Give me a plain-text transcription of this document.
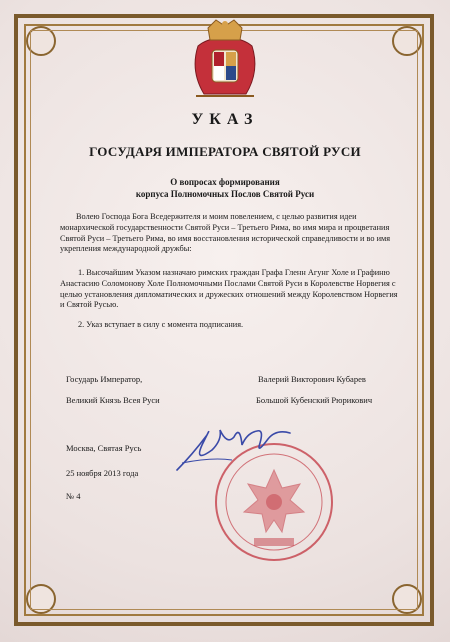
УКАЗ
ГОСУДАРЯ ИМПЕРАТОРА СВЯТОЙ РУСИ
О вопросах формирования
корпуса Полномочных Послов Святой Руси
Волею Господа Бога Вседержителя и моим повелением, с целью развития идеи монархической государственности Святой Руси – Третьего Рима, во имя мира и процветания Святой Руси – Третьего Рима, во имя восстановления исторической справедливости и во имя укрепления международной дружбы:
1. Высочайшим Указом назначаю римских граждан Графа Гленн Агунг Холе и Графиню Анастасию Соломонову Холе Полномочными Послами Святой Руси в Королевстве Норвегия с целью установления дипломатических и дружеских отношений между Королевством Норвегия и Святой Русью.
2. Указ вступает в силу с момента подписания.
Государь Император,
Великий Князь Всея Руси
Валерий Викторович Кубарев
Большой Кубенский Рюрикович
Москва, Святая Русь
25 ноября 2013 года
№ 4
